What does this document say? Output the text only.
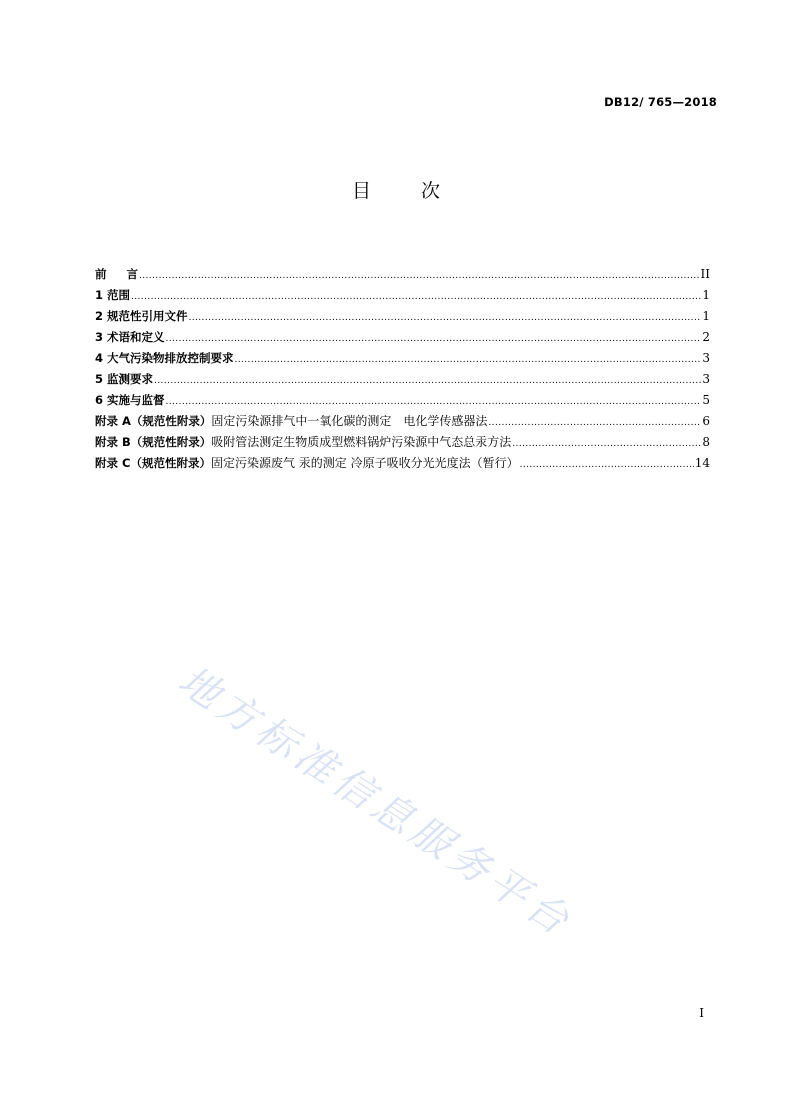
DB12/ 765—2018
目	次
前 言 .....	II
1 范围 .....	1
2 规范性引用文件 .....	1
3 术语和定义 .....	2
4 大气污染物排放控制要求 .....	3
5 监测要求 .....	3
6 实施与监督 .....	5
附录 A（规范性附录）固定污染源排气中一氧化碳的测定　电化学传感器法 .....	6
附录 B（规范性附录）吸附管法测定生物质成型燃料锅炉污染源中气态总汞方法 .....	8
附录 C（规范性附录）固定污染源废气 汞的测定 冷原子吸收分光光度法（暂行） .....	14
地方标准信息服务平台
I
